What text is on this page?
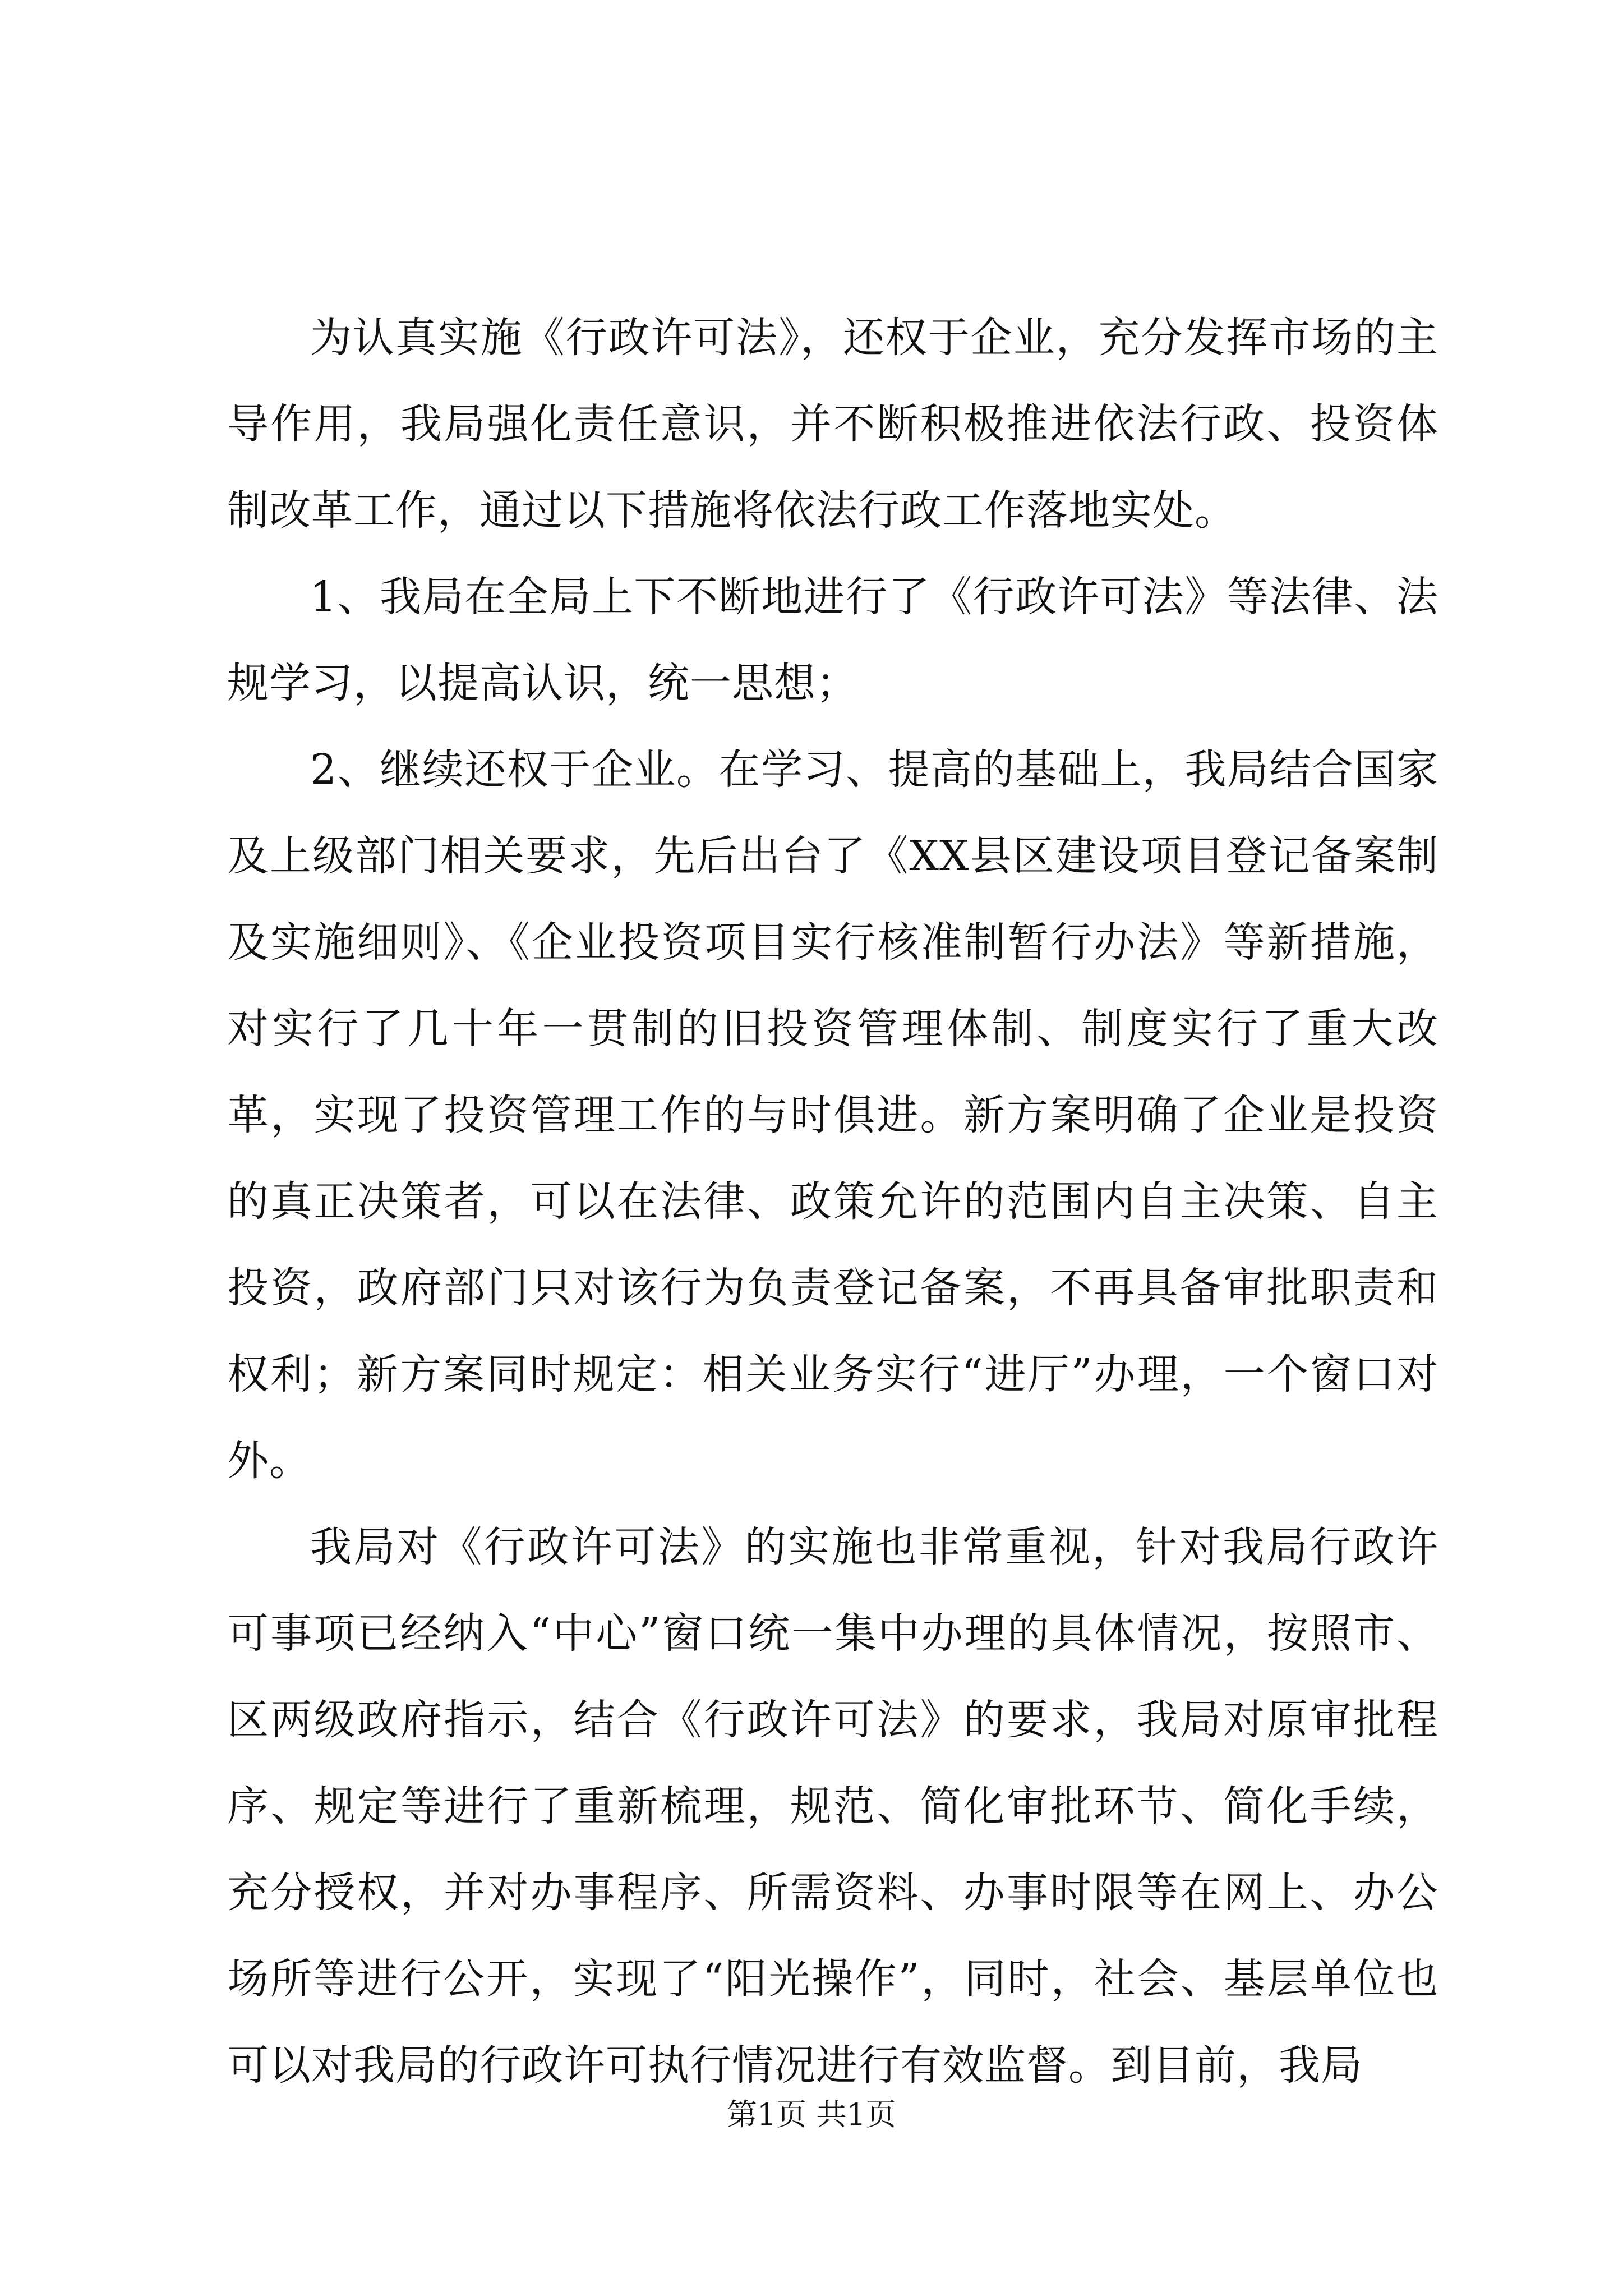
为认真实施《行政许可法》，还权于企业，充分发挥市场的主导作用，我局强化责任意识，并不断积极推进依法行政、投资体制改革工作，通过以下措施将依法行政工作落地实处。

1、我局在全局上下不断地进行了《行政许可法》等法律、法规学习，以提高认识，统一思想；

2、继续还权于企业。在学习、提高的基础上，我局结合国家及上级部门相关要求，先后出台了《XX县区建设项目登记备案制及实施细则》、《企业投资项目实行核准制暂行办法》等新措施，对实行了几十年一贯制的旧投资管理体制、制度实行了重大改革，实现了投资管理工作的与时俱进。新方案明确了企业是投资的真正决策者，可以在法律、政策允许的范围内自主决策、自主投资，政府部门只对该行为负责登记备案，不再具备审批职责和权利；新方案同时规定：相关业务实行“进厅”办理，一个窗口对外。

我局对《行政许可法》的实施也非常重视，针对我局行政许可事项已经纳入“中心”窗口统一集中办理的具体情况，按照市、区两级政府指示，结合《行政许可法》的要求，我局对原审批程序、规定等进行了重新梳理，规范、简化审批环节、简化手续，充分授权，并对办事程序、所需资料、办事时限等在网上、办公场所等进行公开，实现了“阳光操作”，同时，社会、基层单位也可以对我局的行政许可执行情况进行有效监督。到目前，我局

第1页 共1页
